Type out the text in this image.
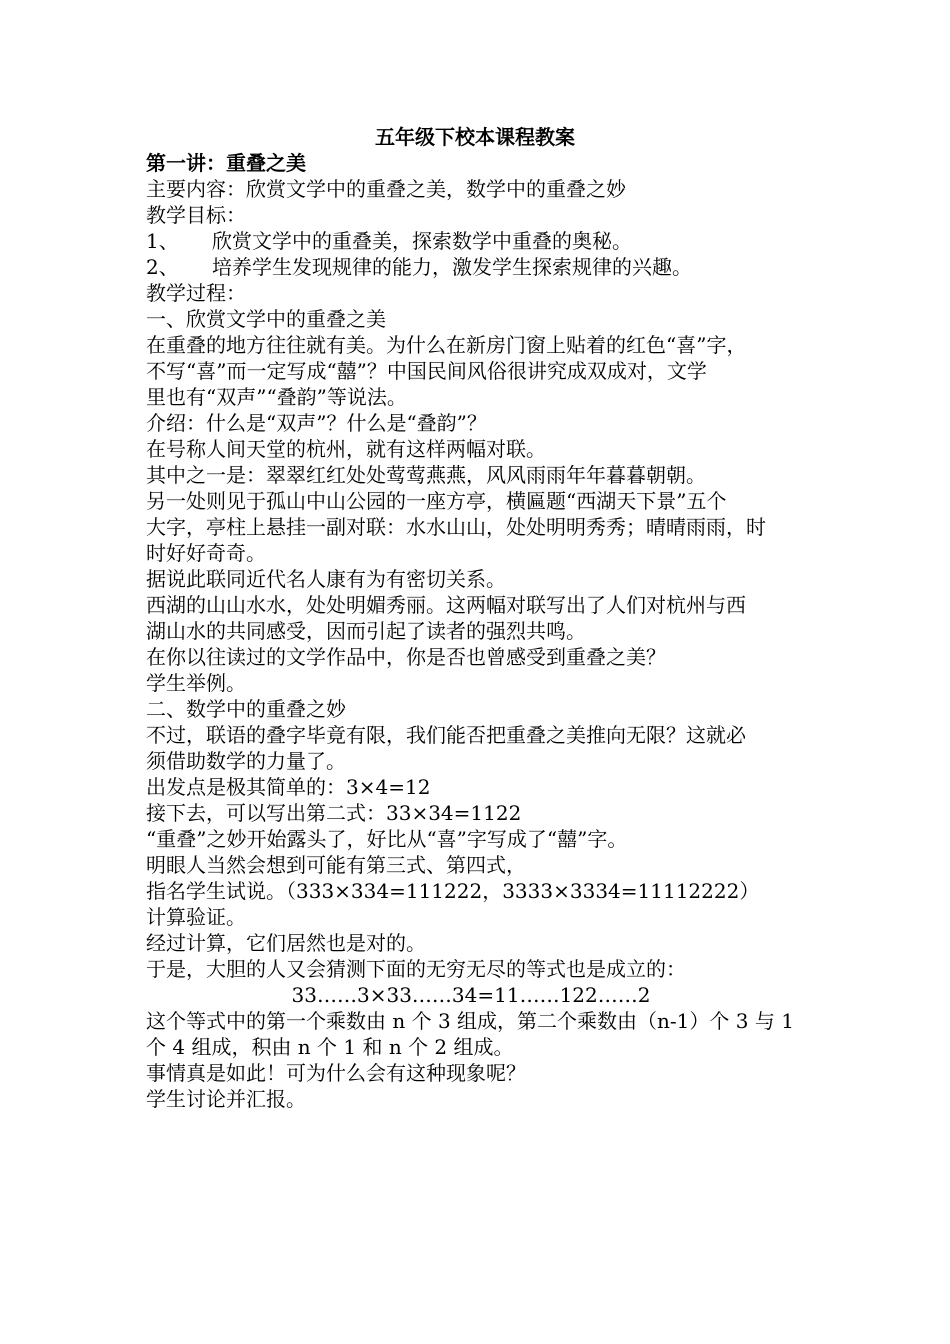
五年级下校本课程教案
第一讲：重叠之美
主要内容：欣赏文学中的重叠之美，数学中的重叠之妙
教学目标：
1、	欣赏文学中的重叠美，探索数学中重叠的奥秘。
2、	培养学生发现规律的能力，激发学生探索规律的兴趣。
教学过程：
一、欣赏文学中的重叠之美
在重叠的地方往往就有美。为什么在新房门窗上贴着的红色“喜”字，
不写“喜”而一定写成“囍”？中国民间风俗很讲究成双成对，文学
里也有“双声”“叠韵”等说法。
介绍：什么是“双声”？什么是“叠韵”？
在号称人间天堂的杭州，就有这样两幅对联。
其中之一是：翠翠红红处处莺莺燕燕，风风雨雨年年暮暮朝朝。
另一处则见于孤山中山公园的一座方亭，横匾题“西湖天下景”五个
大字，亭柱上悬挂一副对联：水水山山，处处明明秀秀；晴晴雨雨，时
时好好奇奇。
据说此联同近代名人康有为有密切关系。
西湖的山山水水，处处明媚秀丽。这两幅对联写出了人们对杭州与西
湖山水的共同感受，因而引起了读者的强烈共鸣。
在你以往读过的文学作品中，你是否也曾感受到重叠之美？
学生举例。
二、数学中的重叠之妙
不过，联语的叠字毕竟有限，我们能否把重叠之美推向无限？这就必
须借助数学的力量了。
出发点是极其简单的：3×4=12
接下去，可以写出第二式：33×34=1122
“重叠”之妙开始露头了，好比从“喜”字写成了“囍”字。
明眼人当然会想到可能有第三式、第四式，
指名学生试说。（333×334=111222，3333×3334=11112222）
计算验证。
经过计算，它们居然也是对的。
于是，大胆的人又会猜测下面的无穷无尽的等式也是成立的：
33……3×33……34=11……122……2
这个等式中的第一个乘数由 n 个 3 组成，第二个乘数由（n-1）个 3 与 1
个 4 组成，积由 n 个 1 和 n 个 2 组成。
事情真是如此！可为什么会有这种现象呢？
学生讨论并汇报。
